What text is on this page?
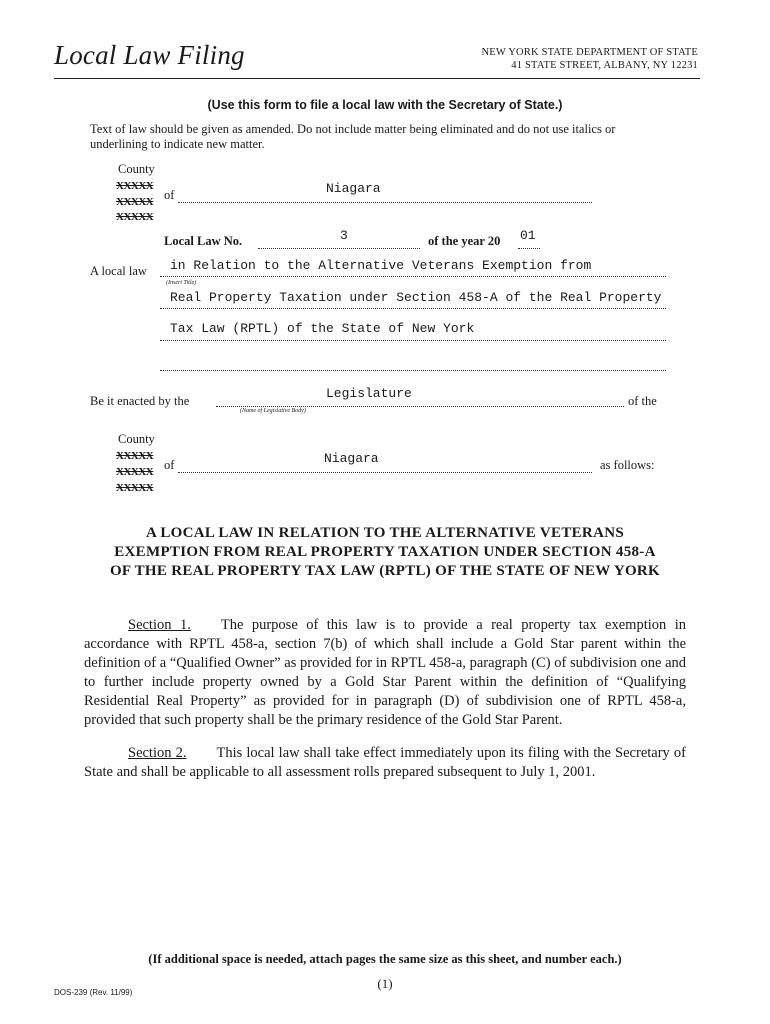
Local Law Filing	NEW YORK STATE DEPARTMENT OF STATE
41 STATE STREET, ALBANY, NY 12231
(Use this form to file a local law with the Secretary of State.)
Text of law should be given as amended. Do not include matter being eliminated and do not use italics or underlining to indicate new matter.
County
XXXXX
XXXXX
XXXXX
of	Niagara
Local Law No.	3	of the year 20 01
A local law in Relation to the Alternative Veterans Exemption from
(Insert Title)
Real Property Taxation under Section 458-A of the Real Property
Tax Law (RPTL) of the State of New York
Be it enacted by the	Legislature
(Name of Legislative Body)
of the
County
XXXXX
XXXXX
XXXXX
of	Niagara	as follows:
A LOCAL LAW IN RELATION TO THE ALTERNATIVE VETERANS
EXEMPTION FROM REAL PROPERTY TAXATION UNDER SECTION 458-A
OF THE REAL PROPERTY TAX LAW (RPTL) OF THE STATE OF NEW YORK
Section 1. The purpose of this law is to provide a real property tax exemption in accordance with RPTL 458-a, section 7(b) of which shall include a Gold Star parent within the definition of a “Qualified Owner” as provided for in RPTL 458-a, paragraph (C) of subdivision one and to further include property owned by a Gold Star Parent within the definition of “Qualifying Residential Real Property” as provided for in paragraph (D) of subdivision one of RPTL 458-a, provided that such property shall be the primary residence of the Gold Star Parent.
Section 2. This local law shall take effect immediately upon its filing with the Secretary of State and shall be applicable to all assessment rolls prepared subsequent to July 1, 2001.
(If additional space is needed, attach pages the same size as this sheet, and number each.)
(1)
DOS-239 (Rev. 11/99)
